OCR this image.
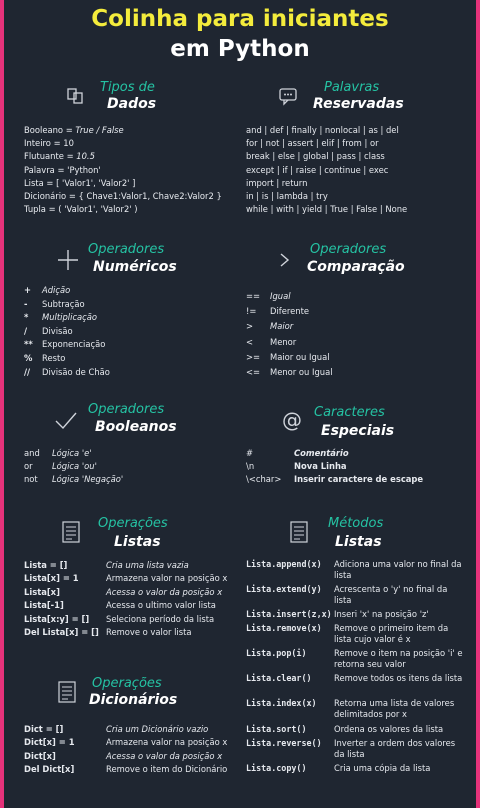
Colinha para iniciantes
em Python
Tipos de
Dados
Booleano = True / False
Inteiro = 10
Flutuante = 10.5
Palavra = 'Python'
Lista = [ 'Valor1', 'Valor2' ]
Dicionário = { Chave1:Valor1, Chave2:Valor2 }
Tupla = ( 'Valor1', 'Valor2' )
Palavras
Reservadas
and | def | finally | nonlocal | as | del
for | not | assert | elif | from | or
break | else | global | pass | class
except | if | raise | continue | exec
import | return
in | is | lambda | try
while | with | yield | True | False | None
Operadores
Numéricos
+ Adição
- Subtração
* Multiplicação
/ Divisão
** Exponenciação
% Resto
// Divisão de Chão
Operadores
Comparação
== Igual
!= Diferente
> Maior
< Menor
>= Maior ou Igual
<= Menor ou Igual
Operadores
Booleanos
and Lógica 'e'
or Lógica 'ou'
not Lógica 'Negação'
@ Caracteres
Especiais
#	Comentário
\n	Nova Linha
\<char> Inserir caractere de escape
Operações
Listas
Lista = []	Cria uma lista vazia
Lista[x] = 1	Armazena valor na posição x
Lista[x]	Acessa o valor da posição x
Lista[-1]	Acessa o ultimo valor lista
Lista[x:y] = [] Seleciona período da lista
Del Lista[x] = [] Remove o valor lista
Métodos
Listas
Lista.append(x) Adiciona uma valor no final da lista
Lista.extend(y) Acrescenta o 'y' no final da lista
Lista.insert(z,x) Inseri 'x' na posição 'z'
Lista.remove(x) Remove o primeiro item da lista cujo valor é x
Lista.pop(i)	Remove o item na posição 'i' e retorna seu valor
Lista.clear()	Remove todos os itens da lista
Lista.index(x) Retorna uma lista de valores delimitados por x
Lista.sort()	Ordena os valores da lista
Lista.reverse() Inverter a ordem dos valores da lista
Lista.copy()	Cria uma cópia da lista
Operações
Dicionários
Dict = []	Cria um Dicionário vazio
Dict[x] = 1	Armazena valor na posição x
Dict[x]	Acessa o valor da posição x
Del Dict[x]	Remove o item do Dicionário
